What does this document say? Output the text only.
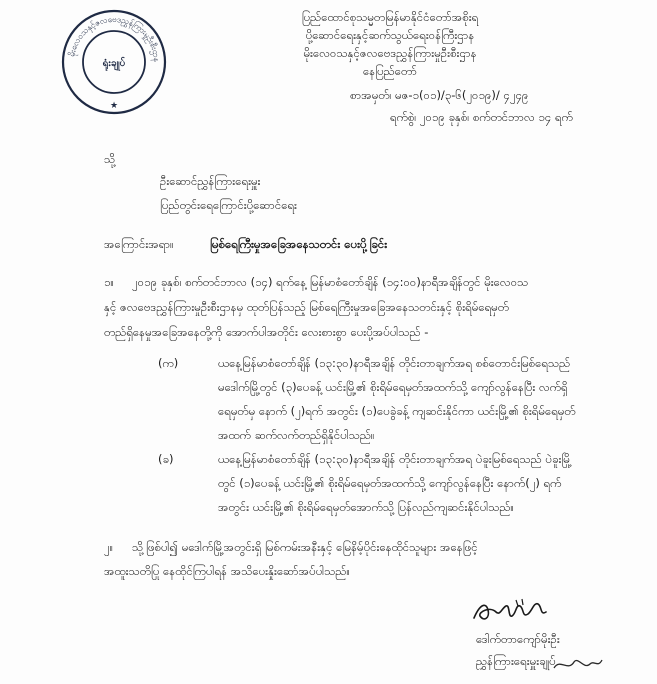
မိုးလေဝသနှင့်ဇလဗေဒညွှန်ကြားမှုဦးစီးဌာန
ရုံးချုပ်
★
ပြည်ထောင်စုသမ္မတမြန်မာနိုင်ငံတော်အစိုးရ
ပို့ဆောင်ရေးနှင့်ဆက်သွယ်ရေးဝန်ကြီးဌာန
မိုးလေဝသနှင့်ဇလဗေဒညွှန်ကြားမှုဦးစီးဌာန
နေပြည်တော်
စာအမှတ်၊ မဇ-၁(၀၁)/၃-၆(၂၀၁၉)/ ၄၂၄၉
ရက်စွဲ၊ ၂၀၁၉ ခုနှစ်၊ စက်တင်ဘာလ ၁၄ ရက်
သို့
ဦးဆောင်ညွှန်ကြားရေးမှူး
ပြည်တွင်းရေကြောင်းပို့ဆောင်ရေး
အကြောင်းအရာ။	မြစ်ရေကြီးမှုအခြေအနေသတင်း ပေးပို့ခြင်း
၁။ ၂၀၁၉ ခုနှစ်၊ စက်တင်ဘာလ (၁၄) ရက်နေ့ မြန်မာစံတော်ချိန် (၁၄:၀၀)နာရီအချိန်တွင် မိုးလေဝသ
နှင့် ဇလဗေဒညွှန်ကြားမှုဦးစီးဌာနမှ ထုတ်ပြန်သည့် မြစ်ရေကြီးမှုအခြေအနေသတင်းနှင့် စိုးရိမ်ရေမှတ်
တည်ရှိနေမှုအခြေအနေတို့ကို အောက်ပါအတိုင်း လေးစားစွာ ပေးပို့အပ်ပါသည် -
(က)	ယနေ့မြန်မာစံတော်ချိန် (၁၃:၃၀)နာရီအချိန် တိုင်းတာချက်အရ စစ်တောင်းမြစ်ရေသည်
မဒေါက်မြို့တွင် (၃)ပေခန့် ယင်းမြို့၏ စိုးရိမ်ရေမှတ်အထက်သို့ ကျော်လွန်နေပြီး လက်ရှိ
ရေမှတ်မှ နောက် (၂)ရက် အတွင်း (၁)ပေခွဲခန့် ကျဆင်းနိုင်ကာ ယင်းမြို့၏ စိုးရိမ်ရေမှတ်
အထက် ဆက်လက်တည်ရှိနိုင်ပါသည်။
(ခ)	ယနေ့မြန်မာစံတော်ချိန် (၁၃:၃၀)နာရီအချိန် တိုင်းတာချက်အရ ပဲခူးမြစ်ရေသည် ပဲခူးမြို့
တွင် (၁)ပေခန့် ယင်းမြို့၏ စိုးရိမ်ရေမှတ်အထက်သို့ ကျော်လွန်နေပြီး နောက်(၂) ရက်
အတွင်း ယင်းမြို့၏ စိုးရိမ်ရေမှတ်အောက်သို့ ပြန်လည်ကျဆင်းနိုင်ပါသည်။
၂။ သို့ဖြစ်ပါ၍ မဒေါက်မြို့အတွင်းရှိ မြစ်ကမ်းအနီးနှင့် မြေနိမ့်ပိုင်းနေထိုင်သူများ အနေဖြင့်
အထူးသတိပြု နေထိုင်ကြပါရန် အသိပေးနှိုးဆော်အပ်ပါသည်။
ဒေါက်တာကျော်မိုးဦး
ညွှန်ကြားရေးမှူးချုပ်
